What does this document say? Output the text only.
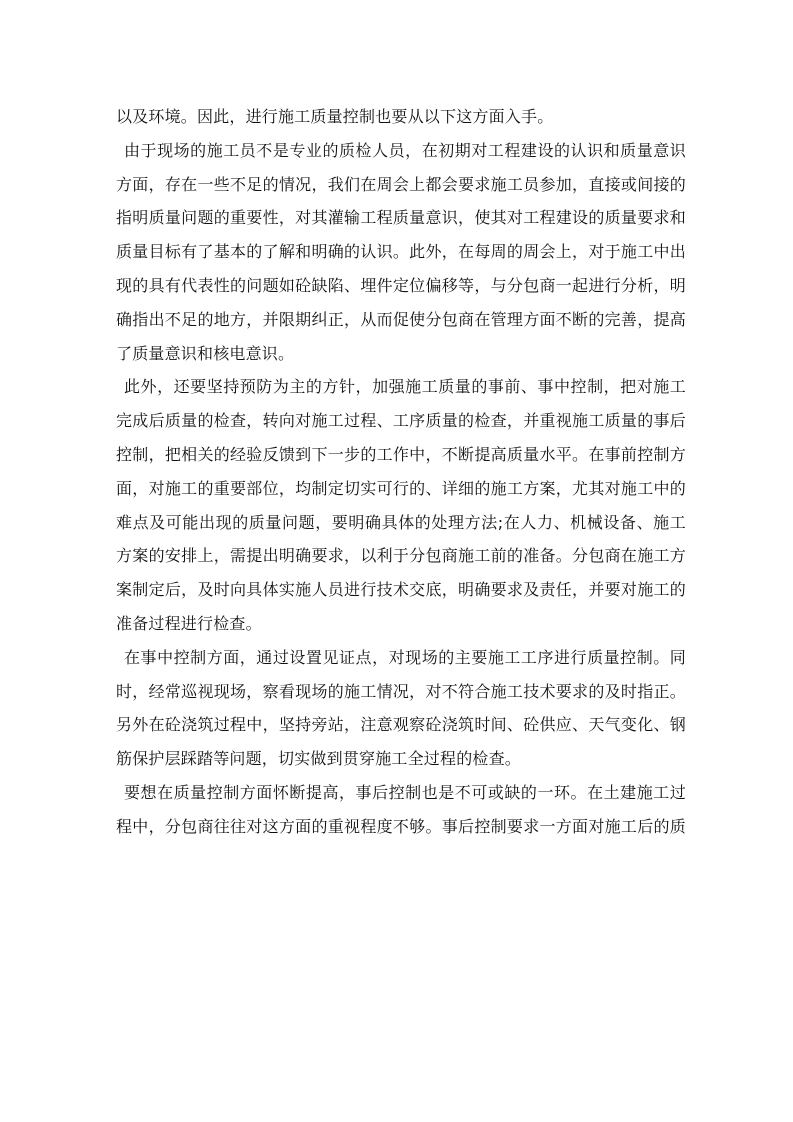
以及环境。因此，进行施工质量控制也要从以下这方面入手。
由于现场的施工员不是专业的质检人员，在初期对工程建设的认识和质量意识
方面，存在一些不足的情况，我们在周会上都会要求施工员参加，直接或间接的
指明质量问题的重要性，对其灌输工程质量意识，使其对工程建设的质量要求和
质量目标有了基本的了解和明确的认识。此外，在每周的周会上，对于施工中出
现的具有代表性的问题如砼缺陷、埋件定位偏移等，与分包商一起进行分析，明
确指出不足的地方，并限期纠正，从而促使分包商在管理方面不断的完善，提高
了质量意识和核电意识。
此外，还要坚持预防为主的方针，加强施工质量的事前、事中控制，把对施工
完成后质量的检查，转向对施工过程、工序质量的检查，并重视施工质量的事后
控制，把相关的经验反馈到下一步的工作中，不断提高质量水平。在事前控制方
面，对施工的重要部位，均制定切实可行的、详细的施工方案，尤其对施工中的
难点及可能出现的质量问题，要明确具体的处理方法;在人力、机械设备、施工
方案的安排上，需提出明确要求，以利于分包商施工前的准备。分包商在施工方
案制定后，及时向具体实施人员进行技术交底，明确要求及责任，并要对施工的
准备过程进行检查。
在事中控制方面，通过设置见证点，对现场的主要施工工序进行质量控制。同
时，经常巡视现场，察看现场的施工情况，对不符合施工技术要求的及时指正。
另外在砼浇筑过程中，坚持旁站，注意观察砼浇筑时间、砼供应、天气变化、钢
筋保护层踩踏等问题，切实做到贯穿施工全过程的检查。
要想在质量控制方面怀断提高，事后控制也是不可或缺的一环。在土建施工过
程中，分包商往往对这方面的重视程度不够。事后控制要求一方面对施工后的质
